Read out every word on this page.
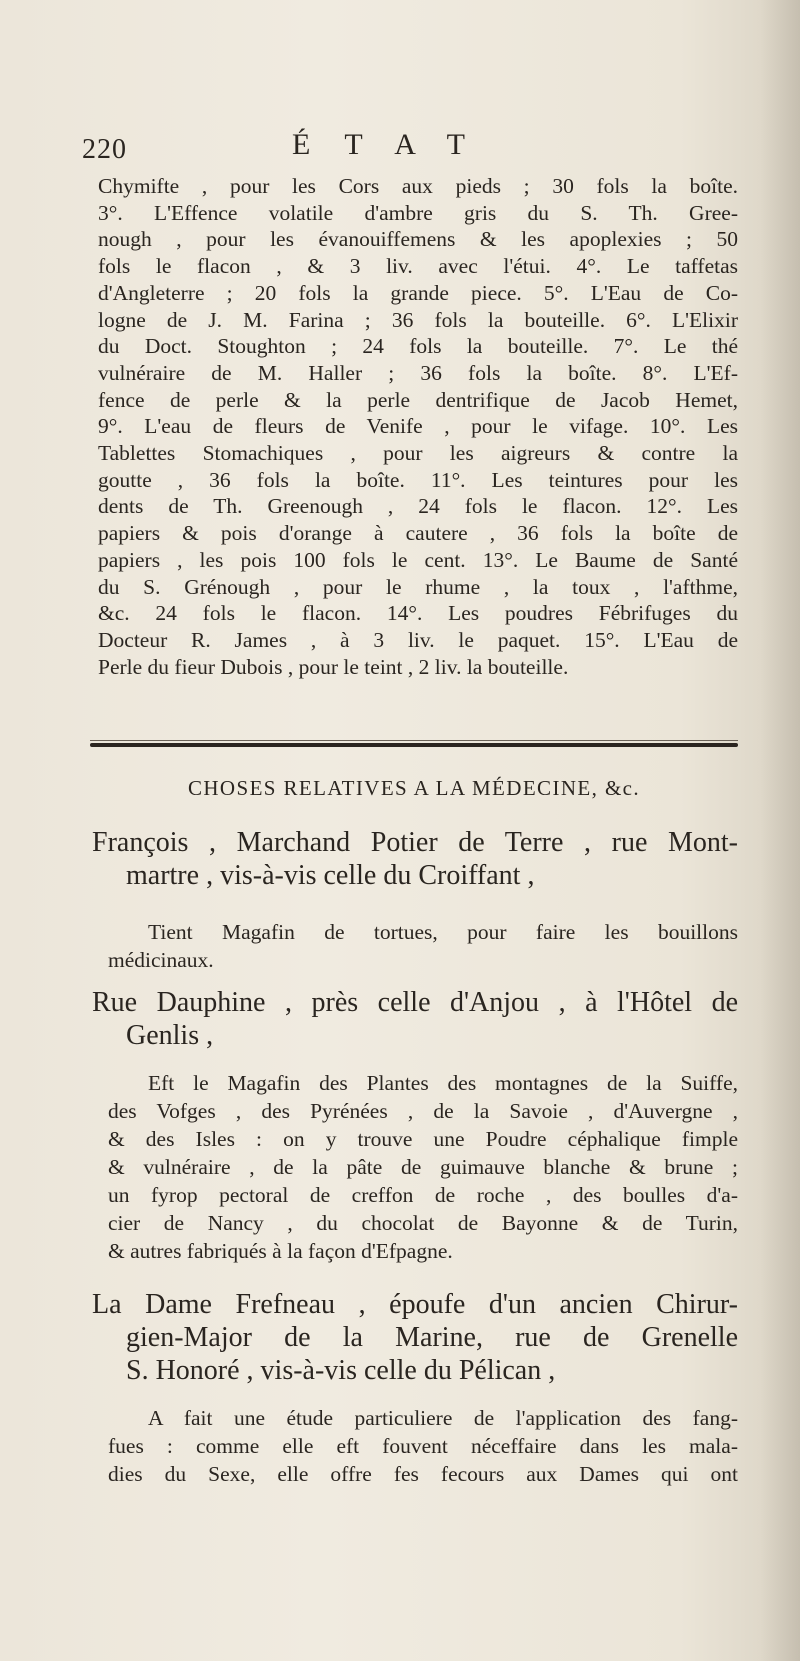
220	ÉTAT
Chymifte , pour les Cors aux pieds ; 30 fols la boîte.
3°. L'Effence volatile d'ambre gris du S. Th. Gree-
nough , pour les évanouiffemens & les apoplexies ; 50
fols le flacon , & 3 liv. avec l'étui. 4°. Le taffetas
d'Angleterre ; 20 fols la grande piece. 5°. L'Eau de Co-
logne de J. M. Farina ; 36 fols la bouteille. 6°. L'Elixir
du Doct. Stoughton ; 24 fols la bouteille. 7°. Le thé
vulnéraire de M. Haller ; 36 fols la boîte. 8°. L'Ef-
fence de perle & la perle dentrifique de Jacob Hemet,
9°. L'eau de fleurs de Venife , pour le vifage. 10°. Les
Tablettes Stomachiques , pour les aigreurs & contre la
goutte , 36 fols la boîte. 11°. Les teintures pour les
dents de Th. Greenough , 24 fols le flacon. 12°. Les
papiers & pois d'orange à cautere , 36 fols la boîte de
papiers , les pois 100 fols le cent. 13°. Le Baume de Santé
du S. Grénough , pour le rhume , la toux , l'afthme,
&c. 24 fols le flacon. 14°. Les poudres Fébrifuges du
Docteur R. James , à 3 liv. le paquet. 15°. L'Eau de
Perle du fieur Dubois , pour le teint , 2 liv. la bouteille.
CHOSES RELATIVES A LA MÉDECINE, &c.
François , Marchand Potier de Terre , rue Mont-
martre , vis-à-vis celle du Croiffant ,
Tient Magafin de tortues, pour faire les bouillons
médicinaux.
Rue Dauphine , près celle d'Anjou , à l'Hôtel de
Genlis ,
Eft le Magafin des Plantes des montagnes de la Suiffe,
des Vofges , des Pyrénées , de la Savoie , d'Auvergne ,
& des Isles : on y trouve une Poudre céphalique fimple
& vulnéraire , de la pâte de guimauve blanche & brune ;
un fyrop pectoral de creffon de roche , des boulles d'a-
cier de Nancy , du chocolat de Bayonne & de Turin,
& autres fabriqués à la façon d'Efpagne.
La Dame Frefneau , époufe d'un ancien Chirur-
gien-Major de la Marine, rue de Grenelle
S. Honoré , vis-à-vis celle du Pélican ,
A fait une étude particuliere de l'application des fang-
fues : comme elle eft fouvent néceffaire dans les mala-
dies du Sexe, elle offre fes fecours aux Dames qui ont
